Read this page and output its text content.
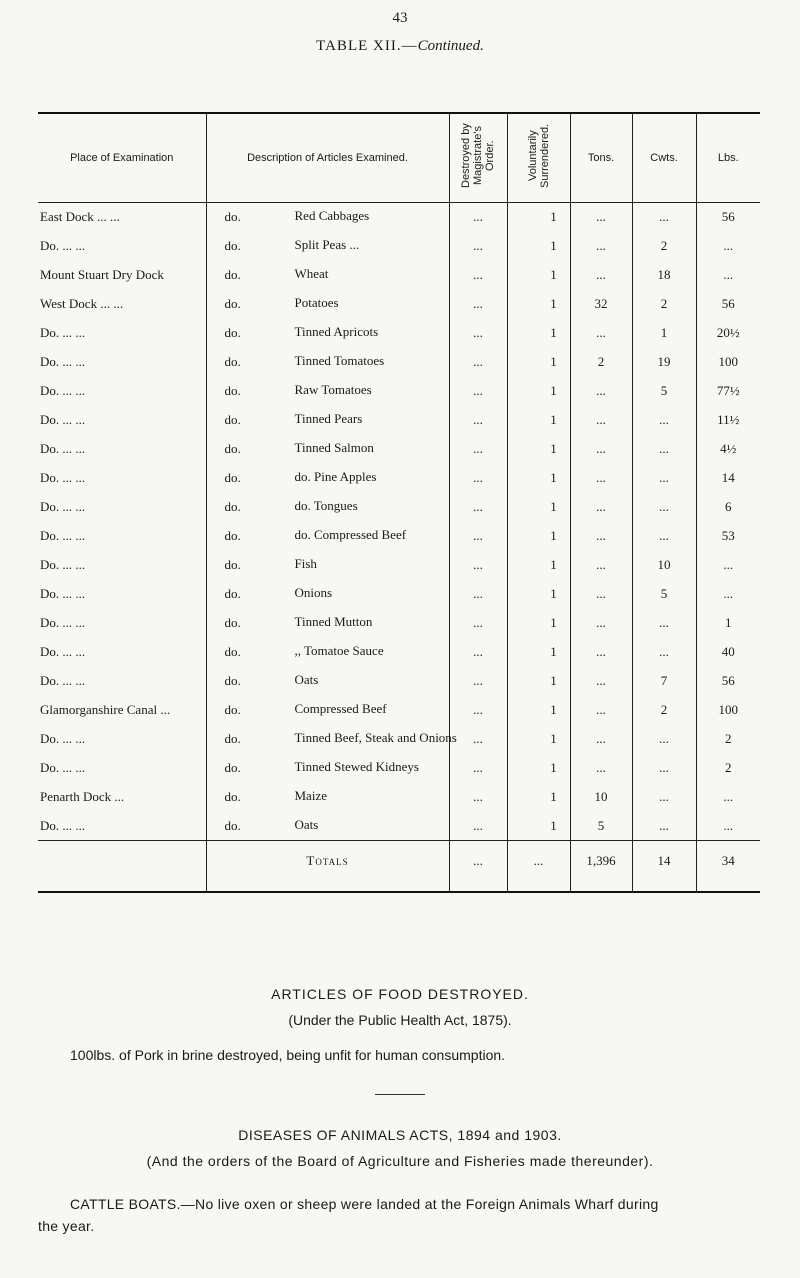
43
TABLE XII.—Continued.
Place of Examination	Description of Articles Examined.	Destroyed by Magistrate's Order.	Voluntarily Surrendered.	Tons.	Cwts.	Lbs.
East Dock ... ...	do. Red Cabbages	...	1	...	...	56
Do. ... ...	do. Split Peas ...	...	1	...	2	...
Mount Stuart Dry Dock	do. Wheat	...	1	...	18	...
West Dock ... ...	do. Potatoes	...	1	32	2	56
Do. ... ...	do. Tinned Apricots	...	1	...	1	20½
Do. ... ...	do. Tinned Tomatoes	...	1	2	19	100
Do. ... ...	do. Raw Tomatoes	...	1	...	5	77½
Do. ... ...	do. Tinned Pears	...	1	...	...	11½
Do. ... ...	do. Tinned Salmon	...	1	...	...	4½
Do. ... ...	do. do. Pine Apples	...	1	...	...	14
Do. ... ...	do. do. Tongues	...	1	...	...	6
Do. ... ...	do. do. Compressed Beef	...	1	...	...	53
Do. ... ...	do. Fish	...	1	...	10	...
Do. ... ...	do. Onions	...	1	...	5	...
Do. ... ...	do. Tinned Mutton	...	1	...	...	1
Do. ... ...	do. ,, Tomatoe Sauce	...	1	...	...	40
Do. ... ...	do. Oats	...	1	...	7	56
Glamorganshire Canal ...	do. Compressed Beef	...	1	...	2	100
Do. ... ...	do. Tinned Beef, Steak and Onions	...	1	...	...	2
Do. ... ...	do. Tinned Stewed Kidneys	...	1	...	...	2
Penarth Dock ...	do. Maize	...	1	10	...	...
Do. ... ...	do. Oats	...	1	5	...	...
	Totals	...	...	1,396	14	34
ARTICLES OF FOOD DESTROYED.
(Under the Public Health Act, 1875).
100lbs. of Pork in brine destroyed, being unfit for human consumption.
DISEASES OF ANIMALS ACTS, 1894 and 1903.
(And the orders of the Board of Agriculture and Fisheries made thereunder).
CATTLE BOATS.—No live oxen or sheep were landed at the Foreign Animals Wharf during
the year.
